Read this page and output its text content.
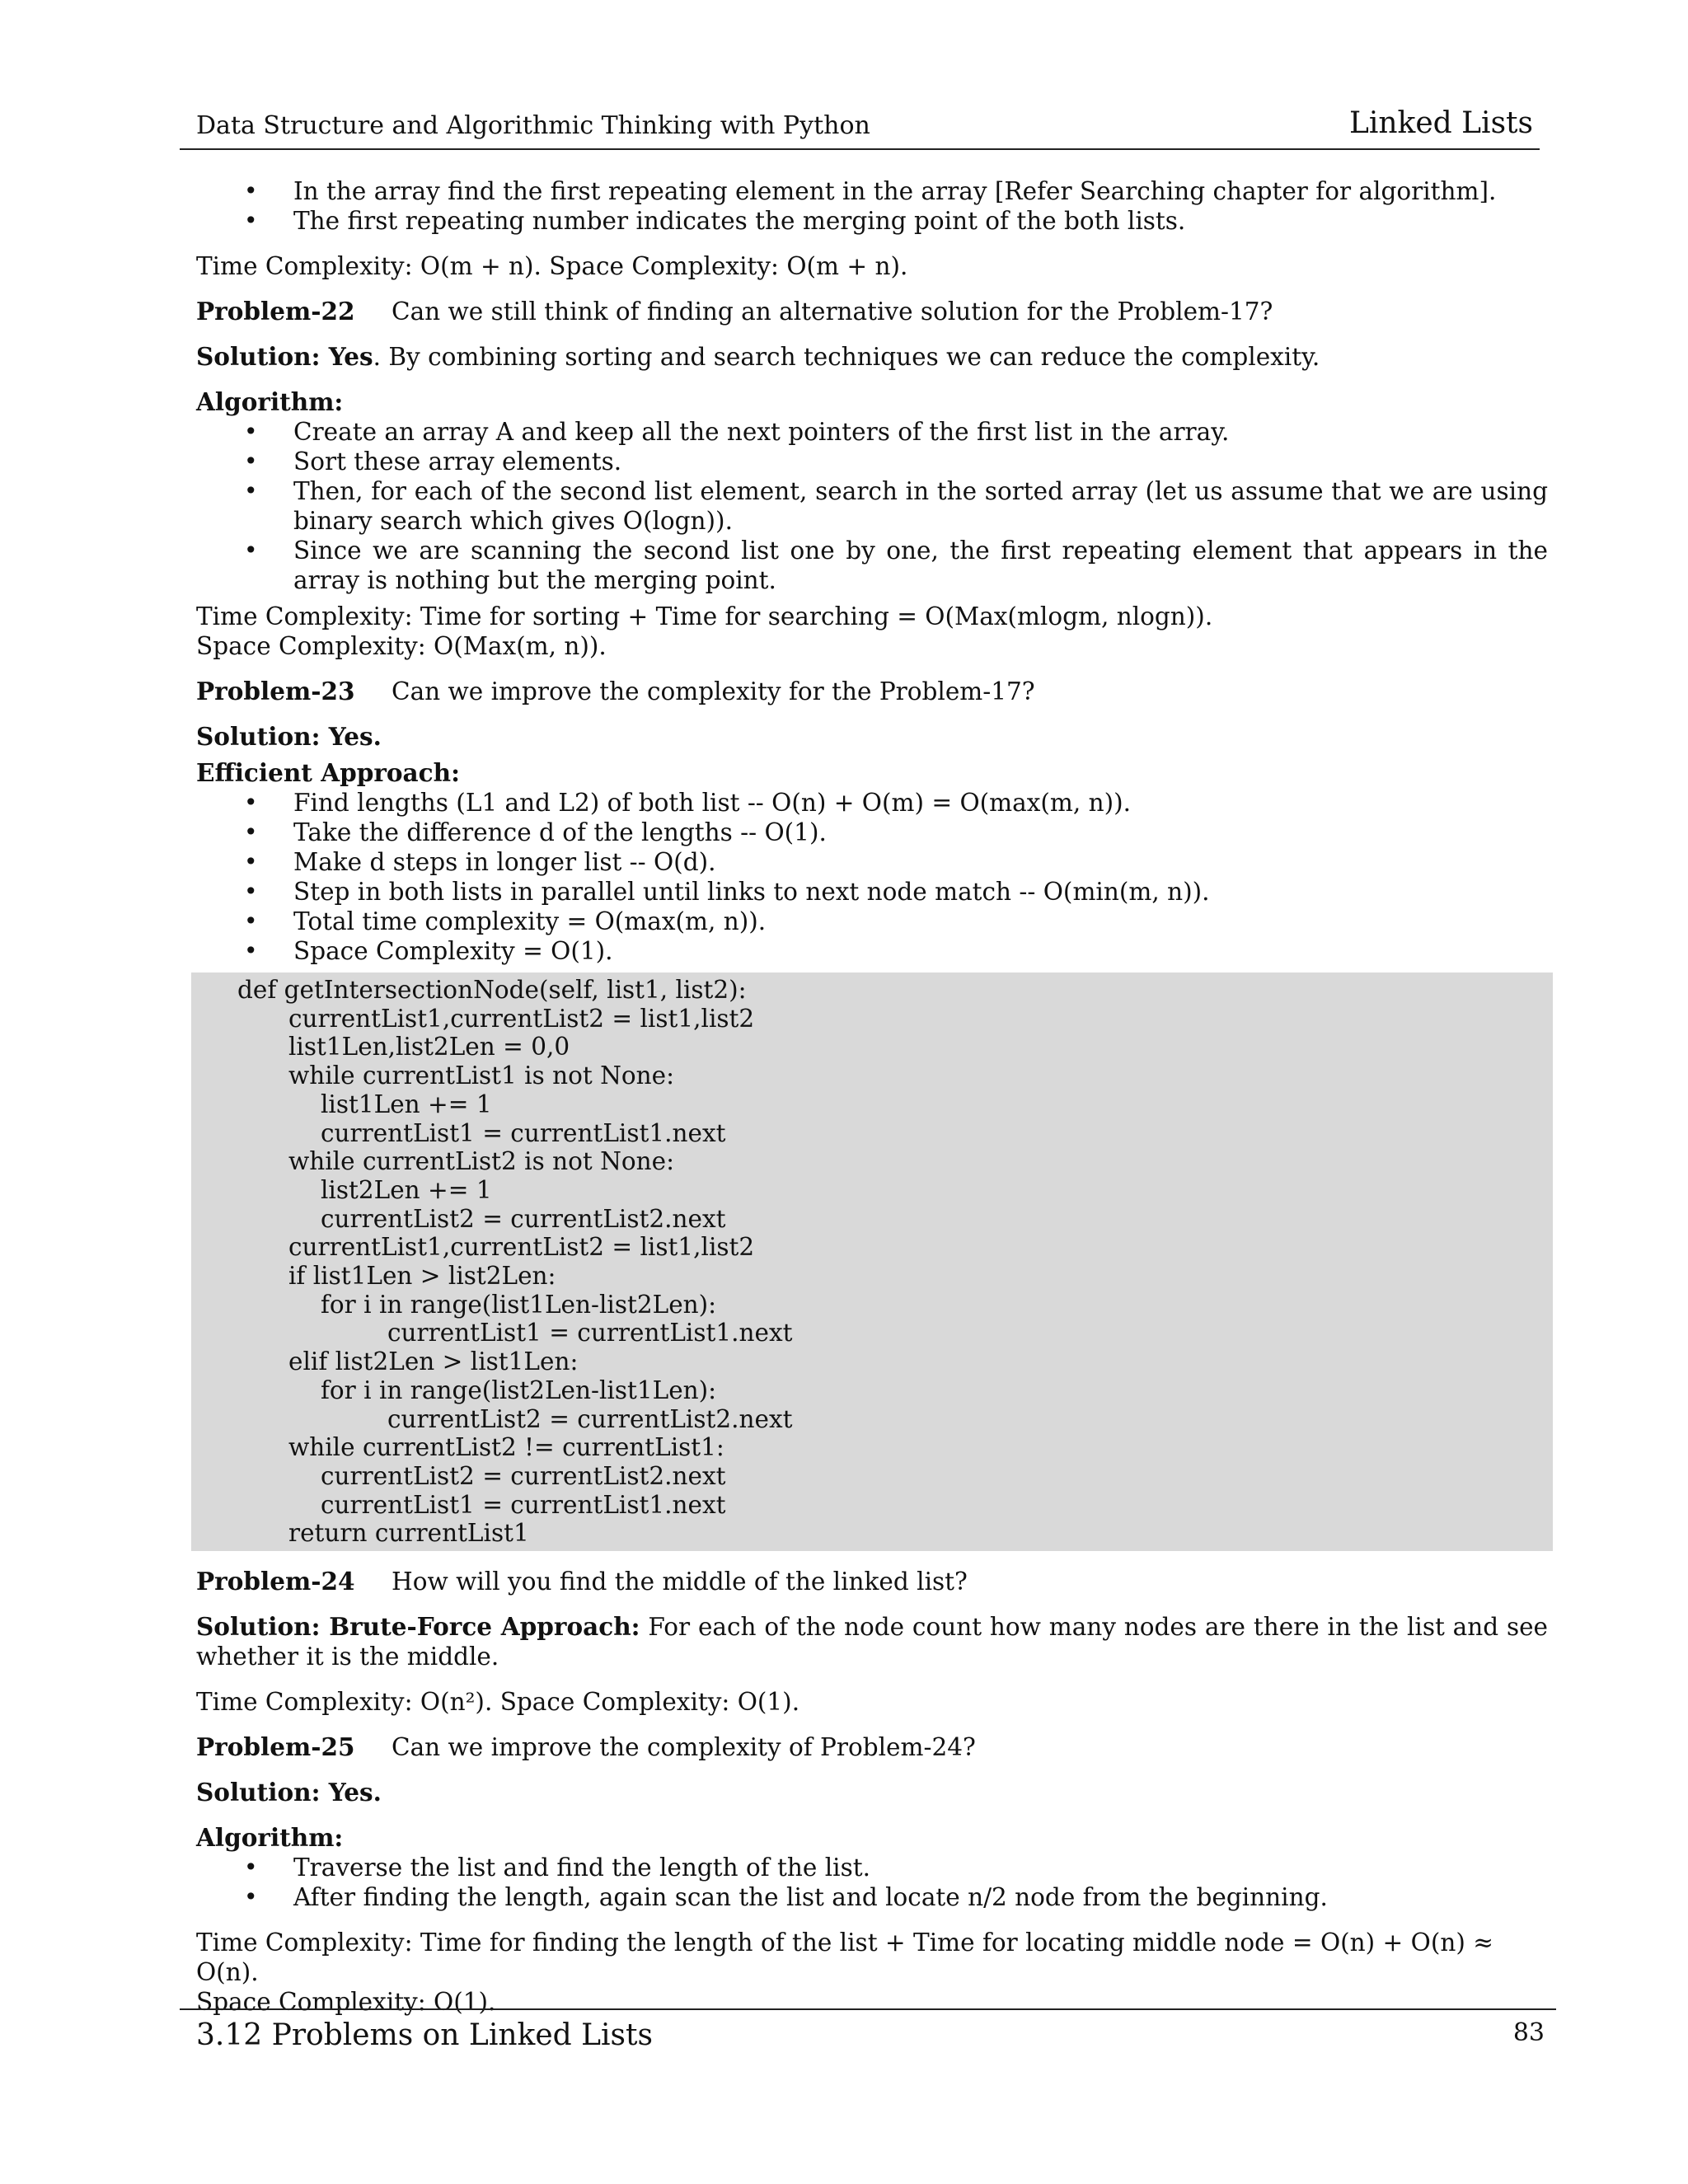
Data Structure and Algorithmic Thinking with Python	Linked Lists
• In the array find the first repeating element in the array [Refer Searching chapter for algorithm].
• The first repeating number indicates the merging point of the both lists.

Time Complexity: O(m + n). Space Complexity: O(m + n).

Problem-22	Can we still think of finding an alternative solution for the Problem-17?

Solution: Yes. By combining sorting and search techniques we can reduce the complexity.

Algorithm:

• Create an array A and keep all the next pointers of the first list in the array.
• Sort these array elements.
• Then, for each of the second list element, search in the sorted array (let us assume that we are using binary search which gives O(logn)).
• Since we are scanning the second list one by one, the first repeating element that appears in the array is nothing but the merging point.

Time Complexity: Time for sorting + Time for searching = O(Max(mlogm, nlogn)).

Space Complexity: O(Max(m, n)).

Problem-23	Can we improve the complexity for the Problem-17?

Solution: Yes.

Efficient Approach:

• Find lengths (L1 and L2) of both list -- O(n) + O(m) = O(max(m, n)).
• Take the difference d of the lengths -- O(1).
• Make d steps in longer list -- O(d).
• Step in both lists in parallel until links to next node match -- O(min(m, n)).
• Total time complexity = O(max(m, n)).
• Space Complexity = O(1).
def getIntersectionNode(self, list1, list2):
currentList1,currentList2 = list1,list2
list1Len,list2Len = 0,0
while currentList1 is not None:
list1Len += 1
currentList1 = currentList1.next
while currentList2 is not None:
list2Len += 1
currentList2 = currentList2.next
currentList1,currentList2 = list1,list2
if list1Len > list2Len:
for i in range(list1Len-list2Len):
currentList1 = currentList1.next
elif list2Len > list1Len:
for i in range(list2Len-list1Len):
currentList2 = currentList2.next
while currentList2 != currentList1:
currentList2 = currentList2.next
currentList1 = currentList1.next
return currentList1
Problem-24	How will you find the middle of the linked list?

Solution: Brute-Force Approach: For each of the node count how many nodes are there in the list and see whether it is the middle.

Time Complexity: O(n²). Space Complexity: O(1).

Problem-25	Can we improve the complexity of Problem-24?

Solution: Yes.

Algorithm:

• Traverse the list and find the length of the list.
• After finding the length, again scan the list and locate n/2 node from the beginning.

Time Complexity: Time for finding the length of the list + Time for locating middle node = O(n) + O(n) ≈ O(n).

Space Complexity: O(1).

3.12 Problems on Linked Lists	83
